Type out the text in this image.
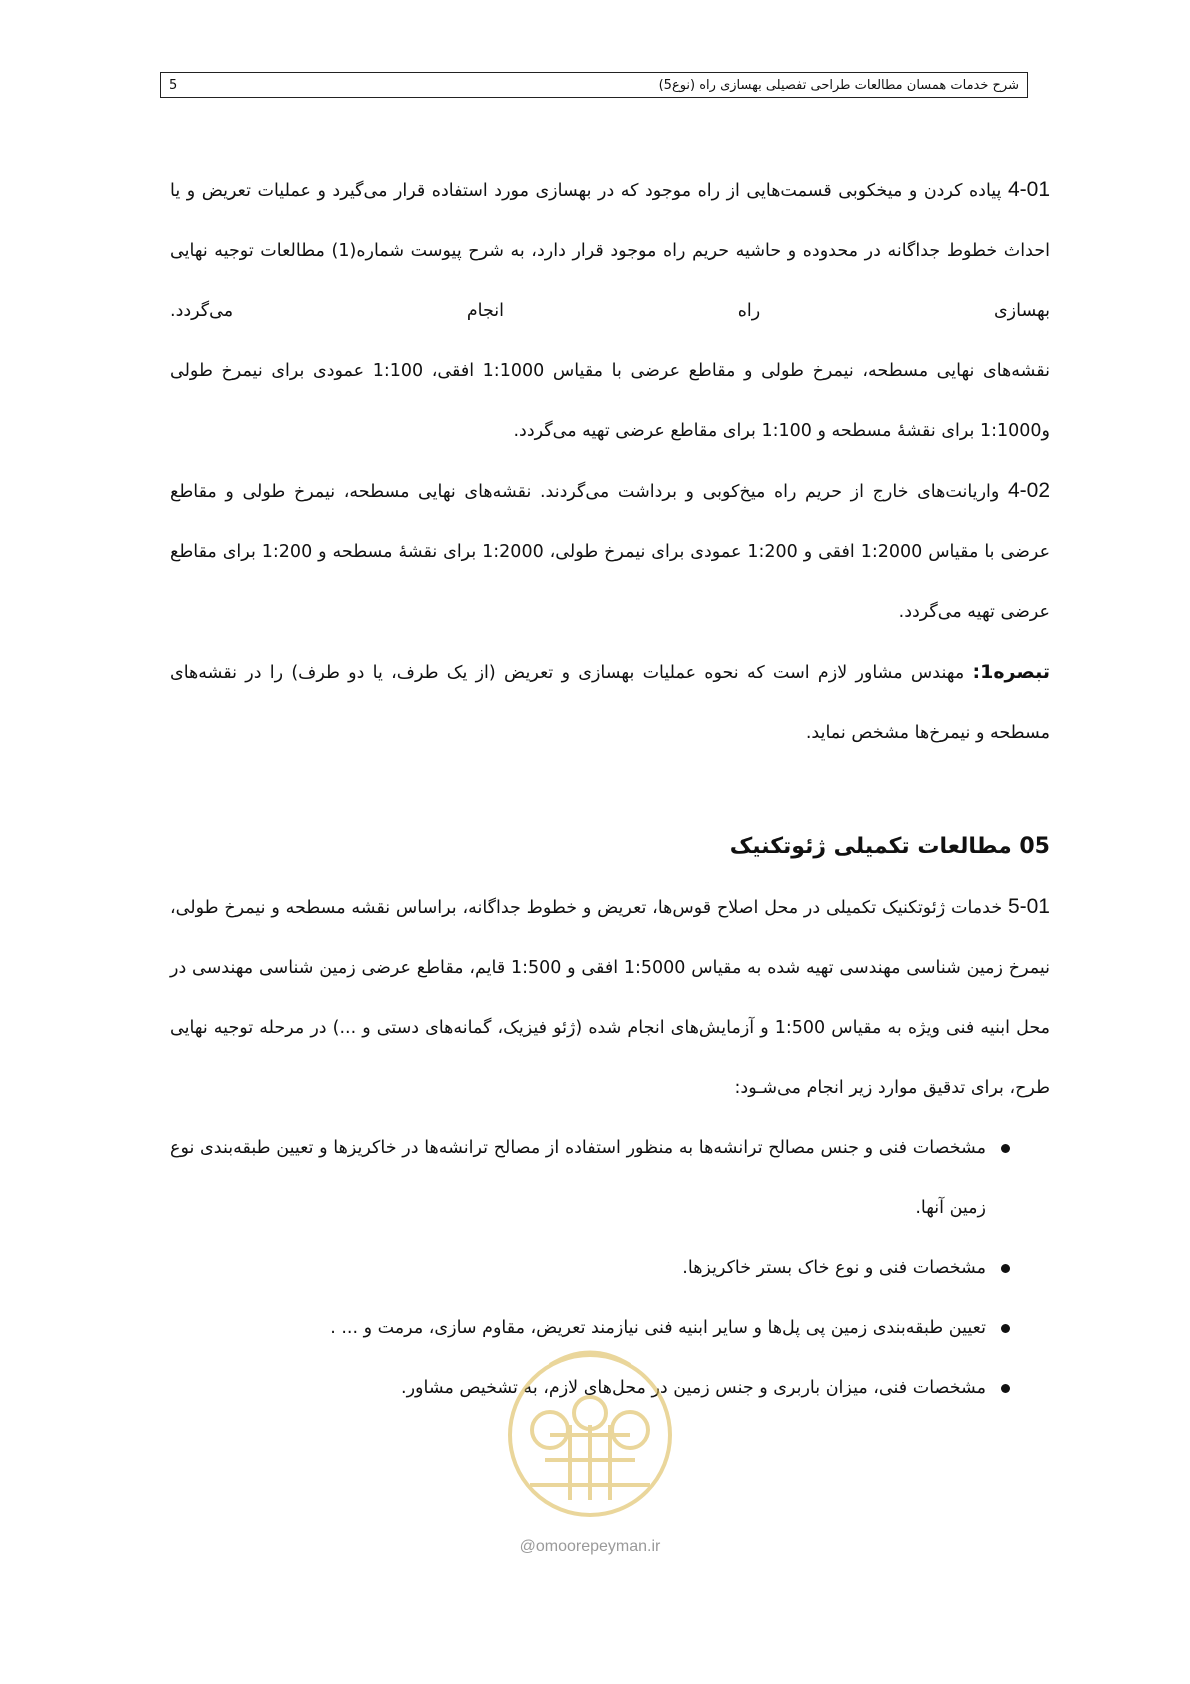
5	شرح خدمات همسان مطالعات طراحی تفصیلی بهسازی راه (نوع5)

4-01 پیاده کردن و میخکوبی قسمت‌هایی از راه موجود که در بهسازی مورد استفاده قرار می‌گیرد و عملیات تعریض و یا احداث خطوط جداگانه در محدوده و حاشیه حریم راه موجود قرار دارد، به شرح پیوست شماره(1) مطالعات توجیه نهایی بهسازی راه انجام می‌گردد.

نقشه‌های نهایی مسطحه، نیمرخ طولی و مقاطع عرضی با مقیاس 1:1000 افقی، 1:100 عمودی برای نیمرخ طولی و1:1000 برای نقشۀ مسطحه و 1:100 برای مقاطع عرضی تهیه می‌گردد.

4-02 واریانت‌های خارج از حریم راه میخ‌کوبی و برداشت می‌گردند. نقشه‌های نهایی مسطحه، نیمرخ طولی و مقاطع عرضی با مقیاس 1:2000 افقی و 1:200 عمودی برای نیمرخ طولی، 1:2000 برای نقشۀ مسطحه و 1:200 برای مقاطع عرضی تهیه می‌گردد.

تبصره1: مهندس مشاور لازم است که نحوه عملیات بهسازی و تعریض (از یک طرف، یا دو طرف) را در نقشه‌های مسطحه و نیمرخ‌ها مشخص نماید.

05 مطالعات تکمیلی ژئوتکنیک

5-01 خدمات ژئوتکنیک تکمیلی در محل اصلاح قوس‌ها، تعریض و خطوط جداگانه، براساس نقشه مسطحه و نیمرخ طولی، نیمرخ زمین شناسی مهندسی تهیه شده به مقیاس 1:5000 افقی و 1:500 قایم، مقاطع عرضی زمین شناسی مهندسی در محل ابنیه فنی ویژه به مقیاس 1:500 و آزمایش‌های انجام شده (ژئو فیزیک، گمانه‌های دستی و ...) در مرحله توجیه نهایی طرح، برای تدقیق موارد زیر انجام می‌شـود:

مشخصات فنی و جنس مصالح ترانشه‌ها به منظور استفاده از مصالح ترانشه‌ها در خاکریزها و تعیین طبقه‌بندی نوع زمین آنها.
مشخصات فنی و نوع خاک بستر خاکریزها.
تعیین طبقه‌بندی زمین پی پل‌ها و سایر ابنیه فنی نیازمند تعریض، مقاوم سازی، مرمت و ... .
مشخصات فنی، میزان باربری و جنس زمین در محل‌های لازم، به تشخیص مشاور.
@omoorepeyman.ir
